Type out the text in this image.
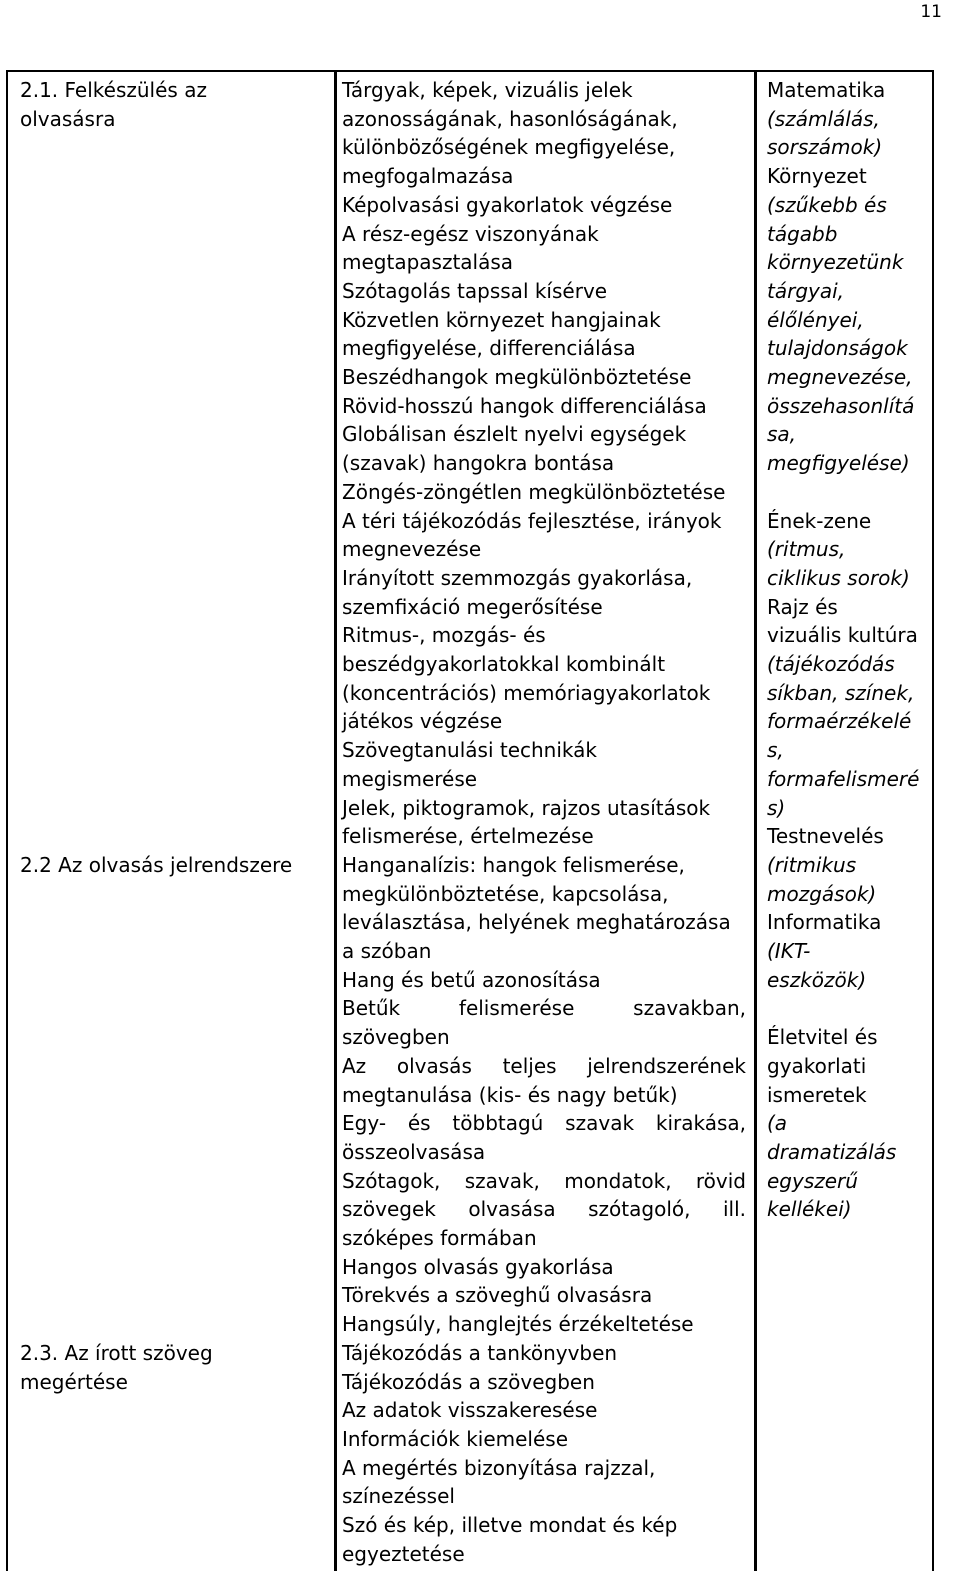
11
2.1. Felkészülés az
olvasásra
2.2 Az olvasás jelrendszere
2.3. Az írott szöveg
megértése
Tárgyak, képek, vizuális jelek
azonosságának, hasonlóságának,
különbözőségének megfigyelése,
megfogalmazása
Képolvasási gyakorlatok végzése
A rész-egész viszonyának
megtapasztalása
Szótagolás tapssal kísérve
Közvetlen környezet hangjainak
megfigyelése, differenciálása
Beszédhangok megkülönböztetése
Rövid-hosszú hangok differenciálása
Globálisan észlelt nyelvi egységek
(szavak) hangokra bontása
Zöngés-zöngétlen megkülönböztetése
A téri tájékozódás fejlesztése, irányok
megnevezése
Irányított szemmozgás gyakorlása,
szemfixáció megerősítése
Ritmus-, mozgás- és
beszédgyakorlatokkal kombinált
(koncentrációs) memóriagyakorlatok
játékos végzése
Szövegtanulási technikák
megismerése
Jelek, piktogramok, rajzos utasítások
felismerése, értelmezése
Hanganalízis: hangok felismerése,
megkülönböztetése, kapcsolása,
leválasztása, helyének meghatározása
a szóban
Hang és betű azonosítása
Betűk felismerése szavakban,
szövegben
Az olvasás teljes jelrendszerének
megtanulása (kis- és nagy betűk)
Egy- és többtagú szavak kirakása,
összeolvasása
Szótagok, szavak, mondatok, rövid
szövegek olvasása szótagoló, ill.
szóképes formában
Hangos olvasás gyakorlása
Törekvés a szöveghű olvasásra
Hangsúly, hanglejtés érzékeltetése
Tájékozódás a tankönyvben
Tájékozódás a szövegben
Az adatok visszakeresése
Információk kiemelése
A megértés bizonyítása rajzzal,
színezéssel
Szó és kép, illetve mondat és kép
egyeztetése
Matematika
(számlálás,
sorszámok)
Környezet
(szűkebb és
tágabb
környezetünk
tárgyai,
élőlényei,
tulajdonságok
megnevezése,
összehasonlítá
sa,
megfigyelése)
Ének-zene
(ritmus,
ciklikus sorok)
Rajz és
vizuális kultúra
(tájékozódás
síkban, színek,
formaérzékelé
s,
formafelismeré
s)
Testnevelés
(ritmikus
mozgások)
Informatika
(IKT-
eszközök)
Életvitel és
gyakorlati
ismeretek
(a
dramatizálás
egyszerű
kellékei)
